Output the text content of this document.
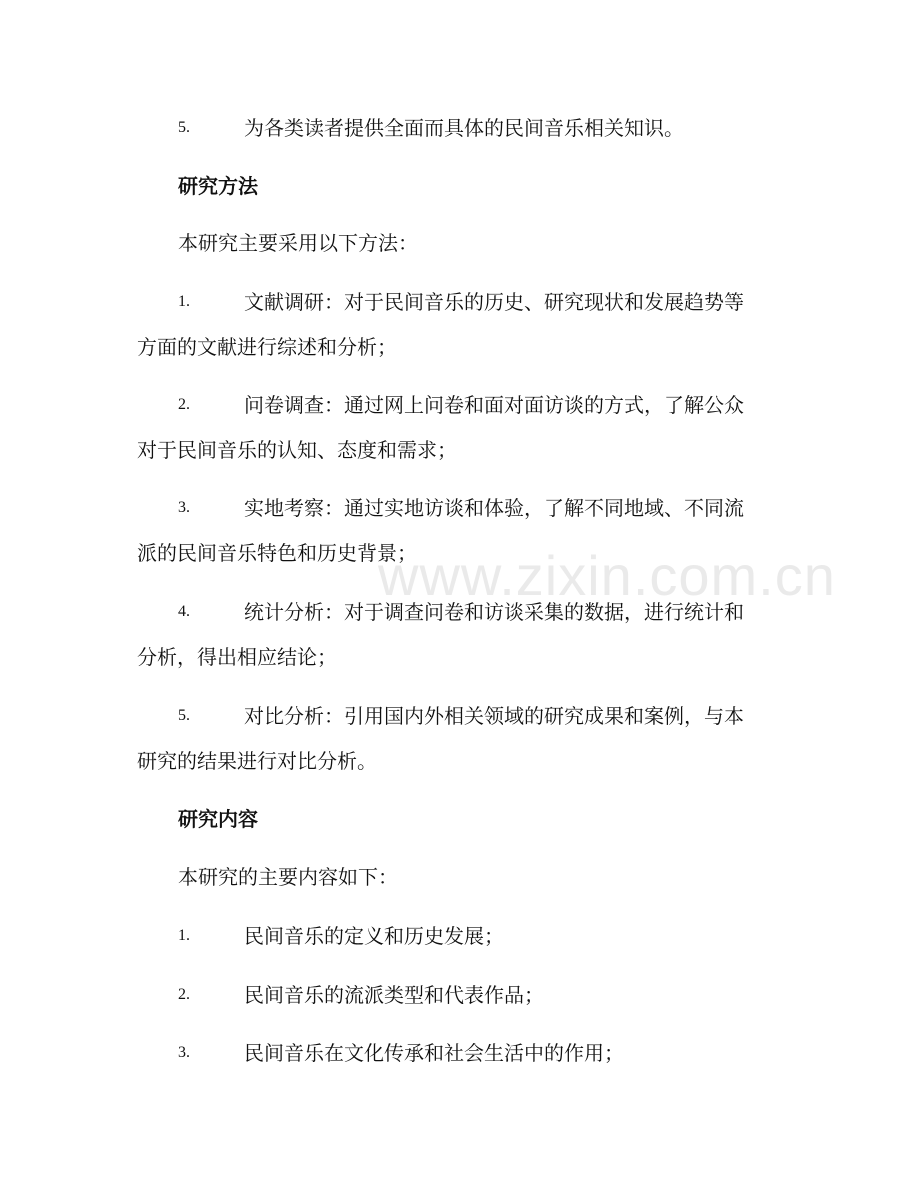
www.zixin.com.cn
5.	为各类读者提供全面而具体的民间音乐相关知识。
研究方法
本研究主要采用以下方法：
1.	文献调研：对于民间音乐的历史、研究现状和发展趋势等
方面的文献进行综述和分析；
2.	问卷调查：通过网上问卷和面对面访谈的方式，了解公众
对于民间音乐的认知、态度和需求；
3.	实地考察：通过实地访谈和体验，了解不同地域、不同流
派的民间音乐特色和历史背景；
4.	统计分析：对于调查问卷和访谈采集的数据，进行统计和
分析，得出相应结论；
5.	对比分析：引用国内外相关领域的研究成果和案例，与本
研究的结果进行对比分析。
研究内容
本研究的主要内容如下：
1.	民间音乐的定义和历史发展；
2.	民间音乐的流派类型和代表作品；
3.	民间音乐在文化传承和社会生活中的作用；
